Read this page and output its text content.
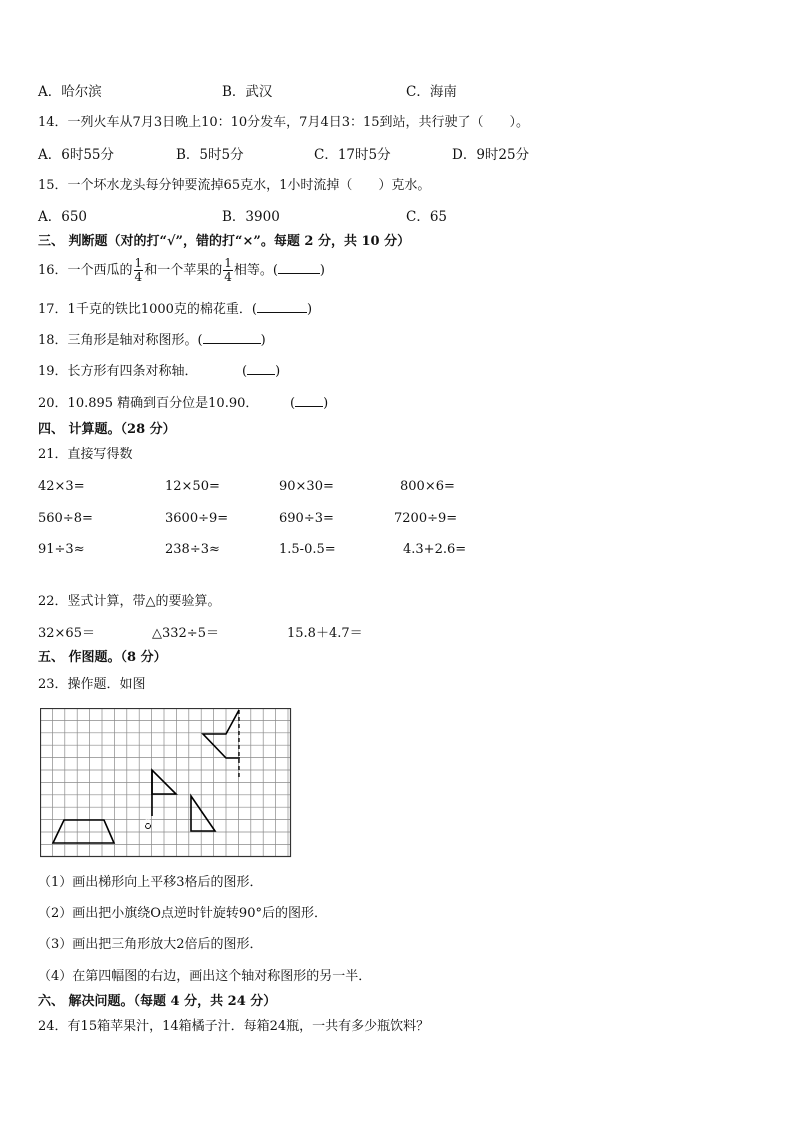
A．哈尔滨	B．武汉	C．海南
14．一列火车从7月3日晚上10：10分发车，7月4日3：15到站，共行驶了（　　）。
A．6时55分	B．5时5分	C．17时5分	D．9时25分
15．一个坏水龙头每分钟要流掉65克水，1小时流掉（　　）克水。
A．650	B．3900	C．65
三、 判断题（对的打“√”，错的打“×”。每题 2 分，共 10 分）
16．一个西瓜的 $\frac{1}{4}$ 和一个苹果的 $\frac{1}{4}$ 相等。(	)
17．1千克的铁比1000克的棉花重．(	)
18．三角形是轴对称图形。(	)
19．长方形有四条对称轴．	( )
20．10.895 精确到百分位是10.90． ( )
四、 计算题。（28 分）
21．直接写得数
42×3=	12×50=	90×30=	800×6=
560÷8=	3600÷9=	690÷3=	7200÷9=
91÷3≈	238÷3≈	1.5-0.5=	4.3+2.6=
22．竖式计算，带△的要验算。
32×65＝	△332÷5＝	15.8＋4.7＝
五、 作图题。（8 分）
23．操作题．如图
O
（1）画出梯形向上平移3格后的图形．
（2）画出把小旗绕O点逆时针旋转90°后的图形．
（3）画出把三角形放大2倍后的图形．
（4）在第四幅图的右边，画出这个轴对称图形的另一半．
六、 解决问题。（每题 4 分，共 24 分）
24．有15箱苹果汁，14箱橘子汁．每箱24瓶，一共有多少瓶饮料？
